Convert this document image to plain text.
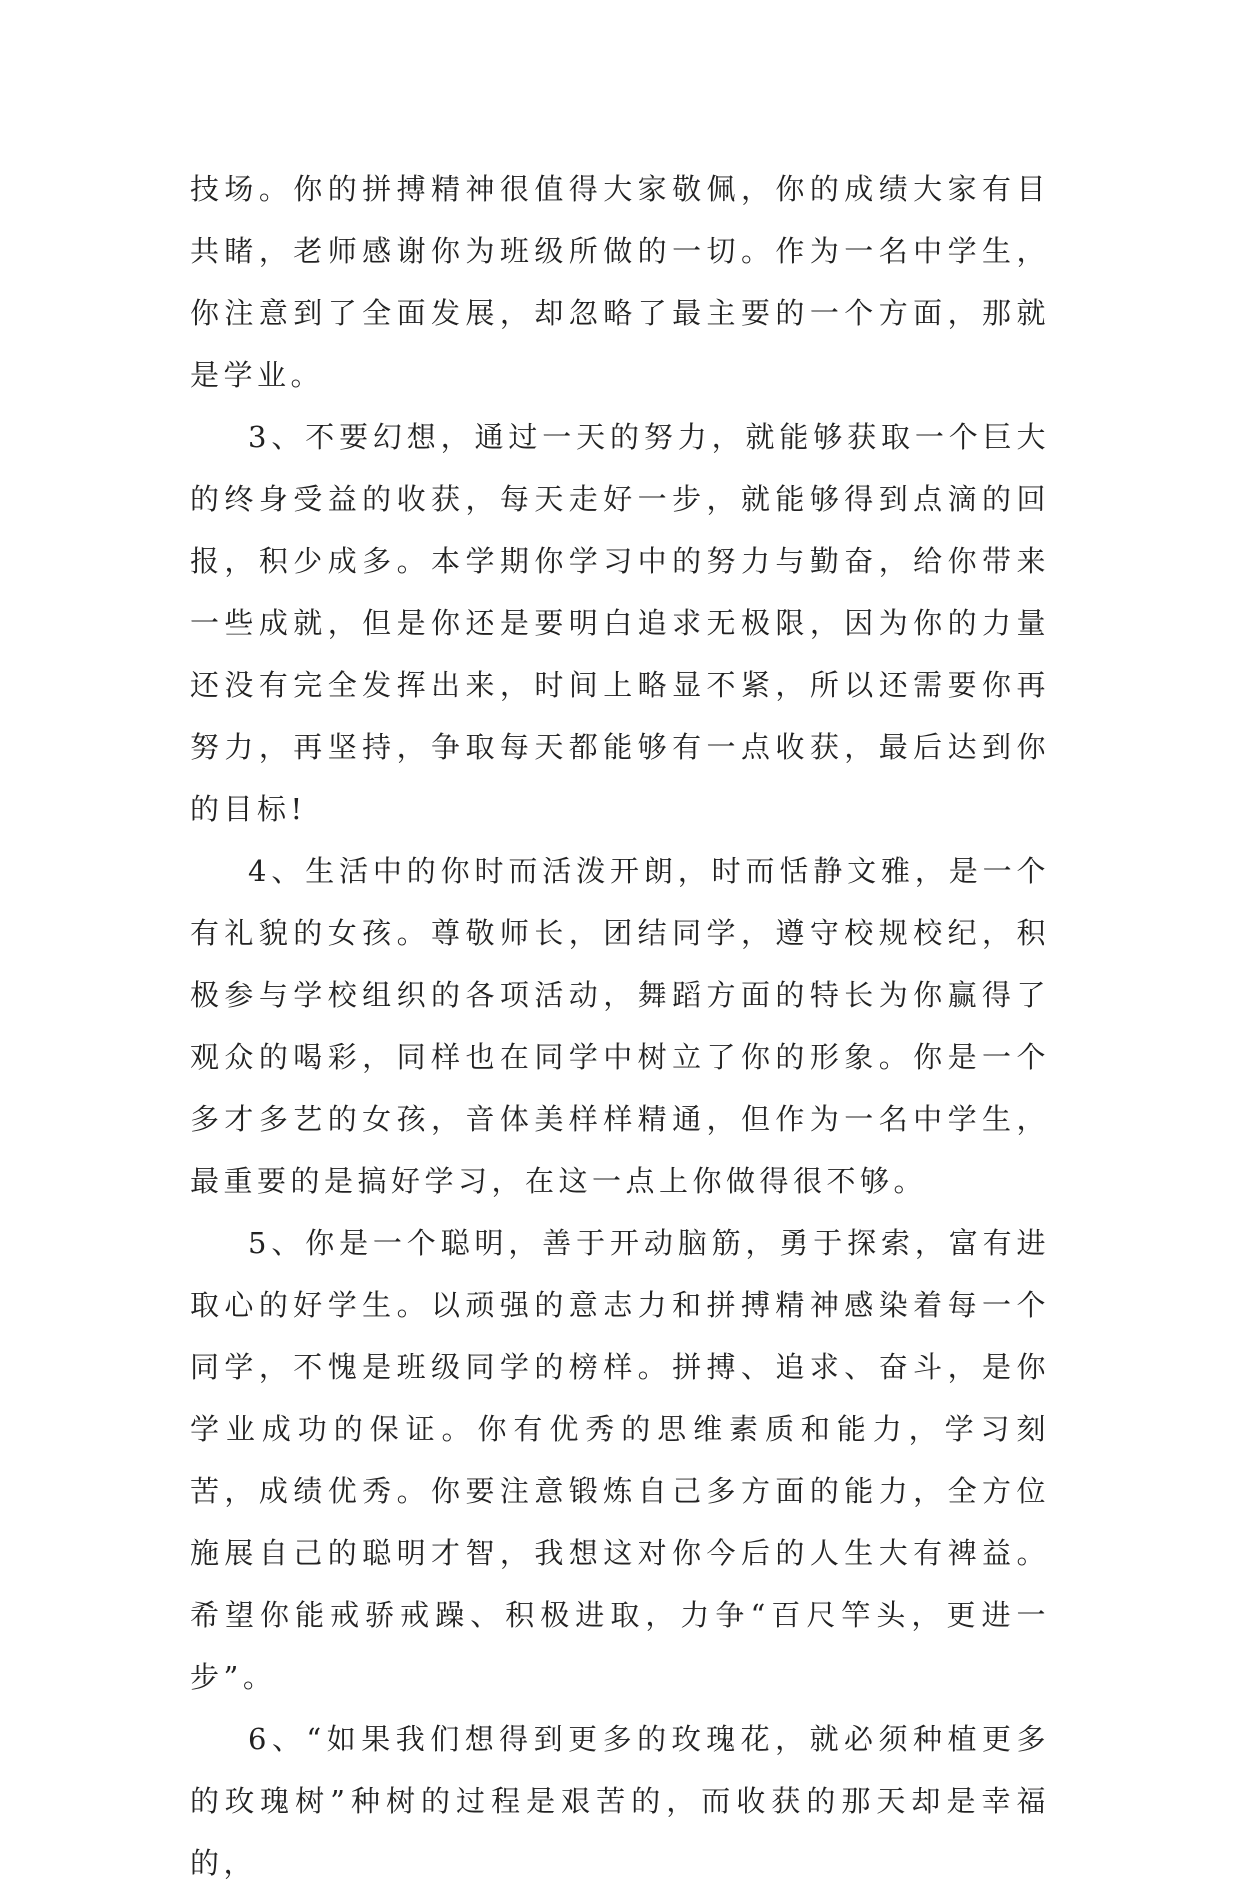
技场。你的拼搏精神很值得大家敬佩，你的成绩大家有目共睹，老师感谢你为班级所做的一切。作为一名中学生，你注意到了全面发展，却忽略了最主要的一个方面，那就是学业。

3、不要幻想，通过一天的努力，就能够获取一个巨大的终身受益的收获，每天走好一步，就能够得到点滴的回报，积少成多。本学期你学习中的努力与勤奋，给你带来一些成就，但是你还是要明白追求无极限，因为你的力量还没有完全发挥出来，时间上略显不紧，所以还需要你再努力，再坚持，争取每天都能够有一点收获，最后达到你的目标!

4、生活中的你时而活泼开朗，时而恬静文雅，是一个有礼貌的女孩。尊敬师长，团结同学，遵守校规校纪，积极参与学校组织的各项活动，舞蹈方面的特长为你赢得了观众的喝彩，同样也在同学中树立了你的形象。你是一个多才多艺的女孩，音体美样样精通，但作为一名中学生，最重要的是搞好学习，在这一点上你做得很不够。

5、你是一个聪明，善于开动脑筋，勇于探索，富有进取心的好学生。以顽强的意志力和拼搏精神感染着每一个同学，不愧是班级同学的榜样。拼搏、追求、奋斗，是你学业成功的保证。你有优秀的思维素质和能力，学习刻苦，成绩优秀。你要注意锻炼自己多方面的能力，全方位施展自己的聪明才智，我想这对你今后的人生大有裨益。希望你能戒骄戒躁、积极进取，力争“百尺竿头，更进一步”。

6、“如果我们想得到更多的玫瑰花，就必须种植更多的玫瑰树”种树的过程是艰苦的，而收获的那天却是幸福的，
